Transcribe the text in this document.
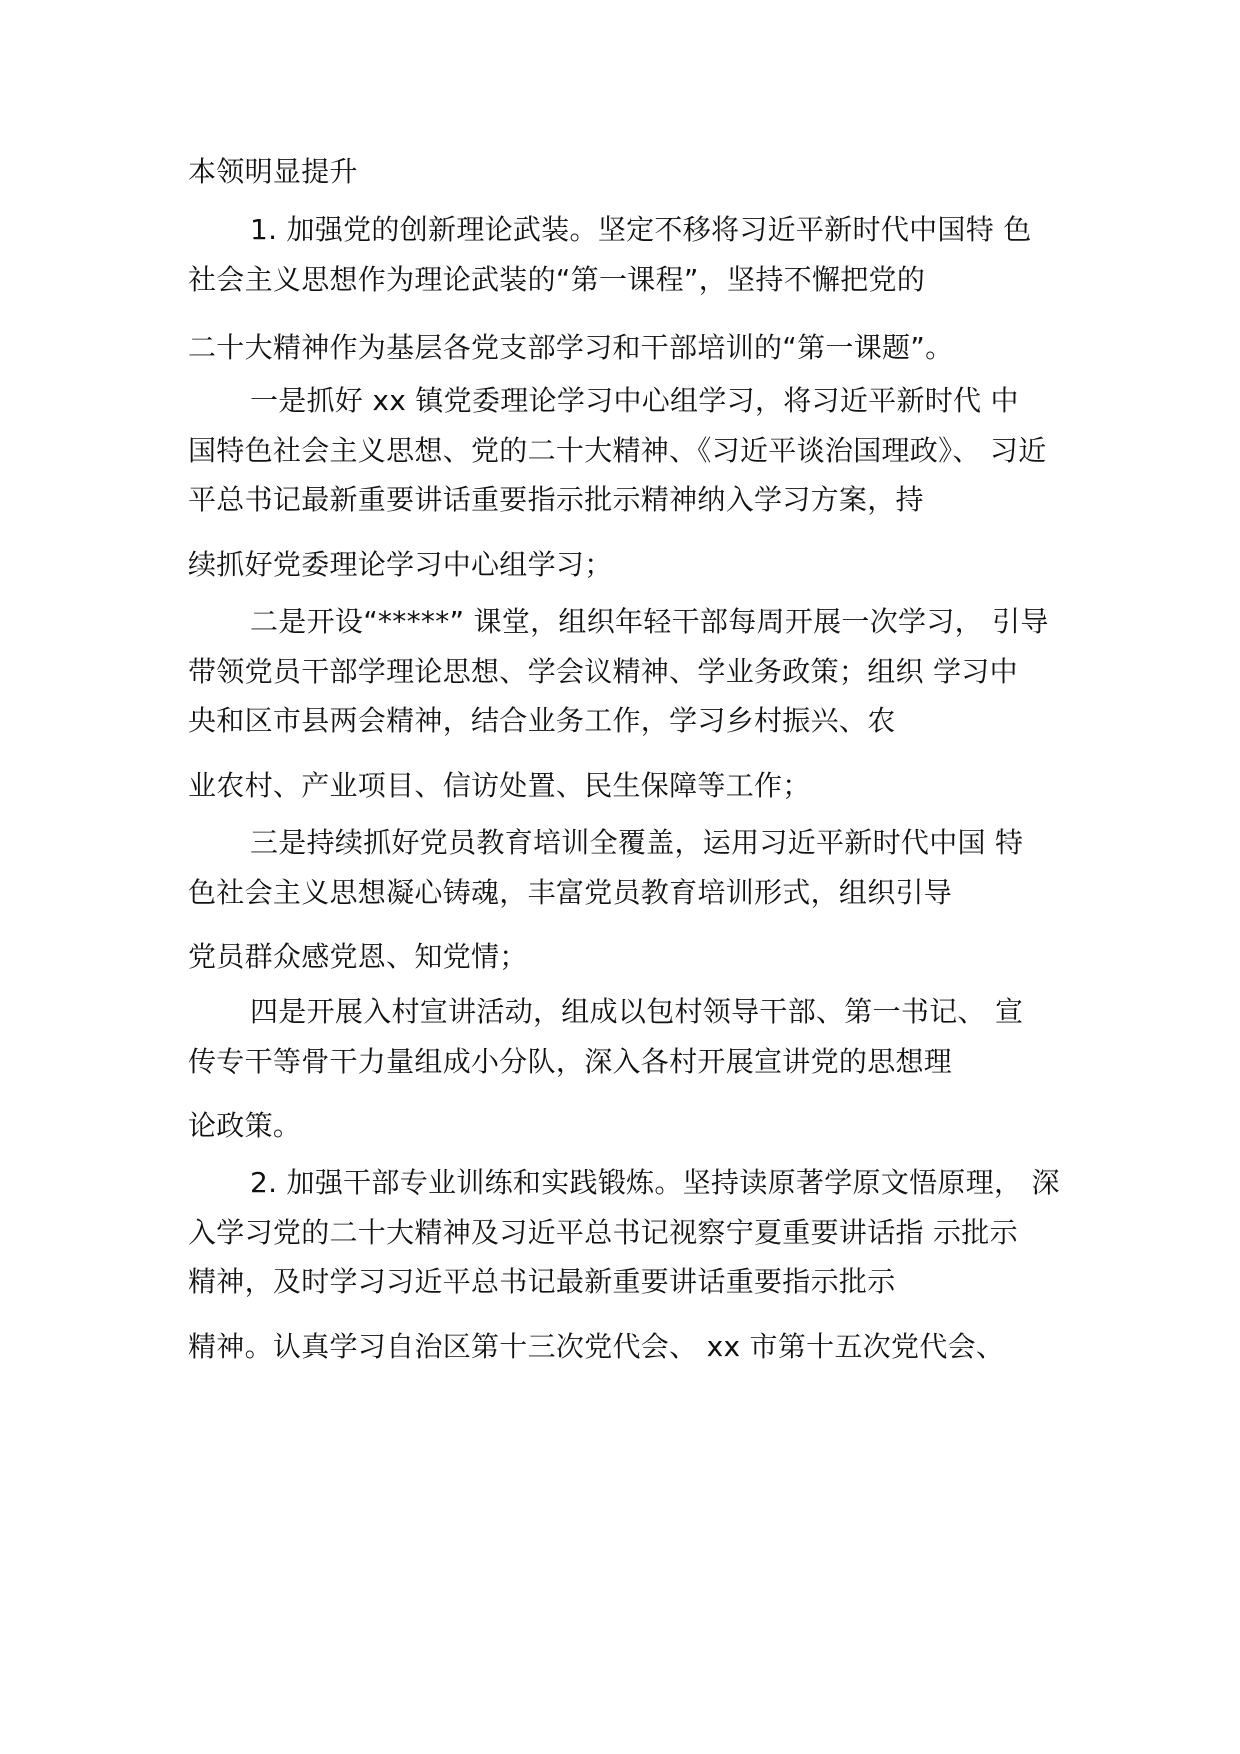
本领明显提升
1. 加强党的创新理论武装。坚定不移将习近平新时代中国特 色
社会主义思想作为理论武装的“第一课程”，坚持不懈把党的
二十大精神作为基层各党支部学习和干部培训的“第一课题”。
一是抓好 xx 镇党委理论学习中心组学习，将习近平新时代 中
国特色社会主义思想、党的二十大精神、《习近平谈治国理政》、 习近
平总书记最新重要讲话重要指示批示精神纳入学习方案，持
续抓好党委理论学习中心组学习；
二是开设“*****” 课堂，组织年轻干部每周开展一次学习， 引导
带领党员干部学理论思想、学会议精神、学业务政策；组织 学习中
央和区市县两会精神，结合业务工作，学习乡村振兴、农
业农村、产业项目、信访处置、民生保障等工作；
三是持续抓好党员教育培训全覆盖，运用习近平新时代中国 特
色社会主义思想凝心铸魂，丰富党员教育培训形式，组织引导
党员群众感党恩、知党情；
四是开展入村宣讲活动，组成以包村领导干部、第一书记、 宣
传专干等骨干力量组成小分队，深入各村开展宣讲党的思想理
论政策。
2. 加强干部专业训练和实践锻炼。坚持读原著学原文悟原理， 深
入学习党的二十大精神及习近平总书记视察宁夏重要讲话指 示批示
精神，及时学习习近平总书记最新重要讲话重要指示批示
精神。认真学习自治区第十三次党代会、 xx 市第十五次党代会、
